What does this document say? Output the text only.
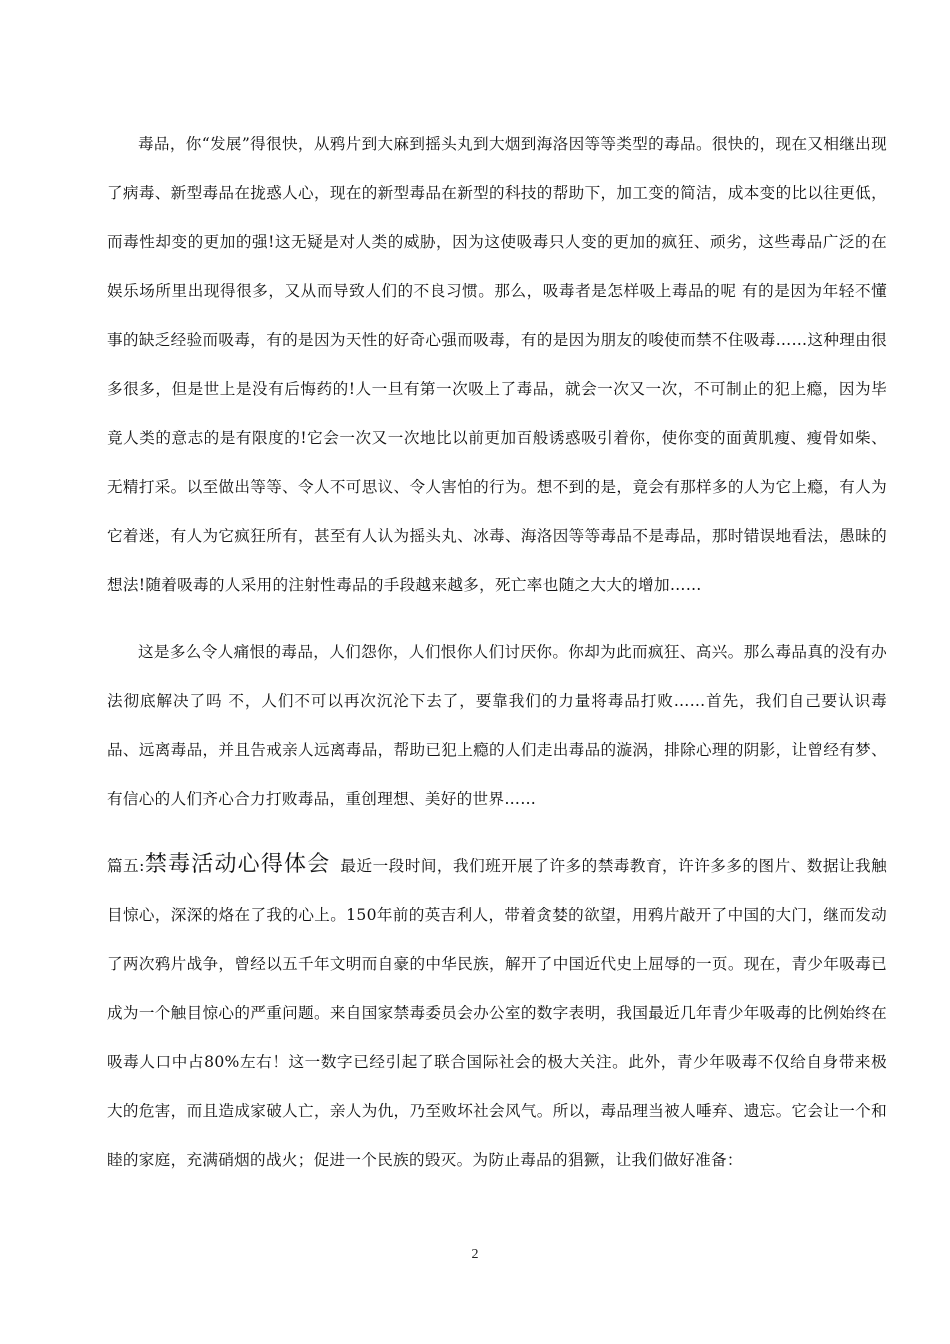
毒品，你“发展”得很快，从鸦片到大麻到摇头丸到大烟到海洛因等等类型的毒品。很快的，现在又相继出现了病毒、新型毒品在拢惑人心，现在的新型毒品在新型的科技的帮助下，加工变的简洁，成本变的比以往更低，而毒性却变的更加的强!这无疑是对人类的威胁，因为这使吸毒只人变的更加的疯狂、顽劣，这些毒品广泛的在娱乐场所里出现得很多，又从而导致人们的不良习惯。那么，吸毒者是怎样吸上毒品的呢 有的是因为年轻不懂事的缺乏经验而吸毒，有的是因为天性的好奇心强而吸毒，有的是因为朋友的唆使而禁不住吸毒……这种理由很多很多，但是世上是没有后悔药的!人一旦有第一次吸上了毒品，就会一次又一次，不可制止的犯上瘾，因为毕竟人类的意志的是有限度的!它会一次又一次地比以前更加百般诱惑吸引着你，使你变的面黄肌瘦、瘦骨如柴、无精打采。以至做出等等、令人不可思议、令人害怕的行为。想不到的是，竟会有那样多的人为它上瘾，有人为它着迷，有人为它疯狂所有，甚至有人认为摇头丸、冰毒、海洛因等等毒品不是毒品，那时错误地看法，愚昧的想法!随着吸毒的人采用的注射性毒品的手段越来越多，死亡率也随之大大的增加……

这是多么令人痛恨的毒品，人们怨你，人们恨你人们讨厌你。你却为此而疯狂、高兴。那么毒品真的没有办法彻底解决了吗 不，人们不可以再次沉沦下去了，要靠我们的力量将毒品打败……首先，我们自己要认识毒品、远离毒品，并且告戒亲人远离毒品，帮助已犯上瘾的人们走出毒品的漩涡，排除心理的阴影，让曾经有梦、有信心的人们齐心合力打败毒品，重创理想、美好的世界……

篇五:禁毒活动心得体会 最近一段时间，我们班开展了许多的禁毒教育，许许多多的图片、数据让我触目惊心，深深的烙在了我的心上。150年前的英吉利人，带着贪婪的欲望，用鸦片敲开了中国的大门，继而发动了两次鸦片战争，曾经以五千年文明而自豪的中华民族，解开了中国近代史上屈辱的一页。现在，青少年吸毒已成为一个触目惊心的严重问题。来自国家禁毒委员会办公室的数字表明，我国最近几年青少年吸毒的比例始终在吸毒人口中占80%左右！这一数字已经引起了联合国际社会的极大关注。此外，青少年吸毒不仅给自身带来极大的危害，而且造成家破人亡，亲人为仇，乃至败坏社会风气。所以，毒品理当被人唾弃、遗忘。它会让一个和睦的家庭，充满硝烟的战火；促进一个民族的毁灭。为防止毒品的猖獗，让我们做好准备：

2
